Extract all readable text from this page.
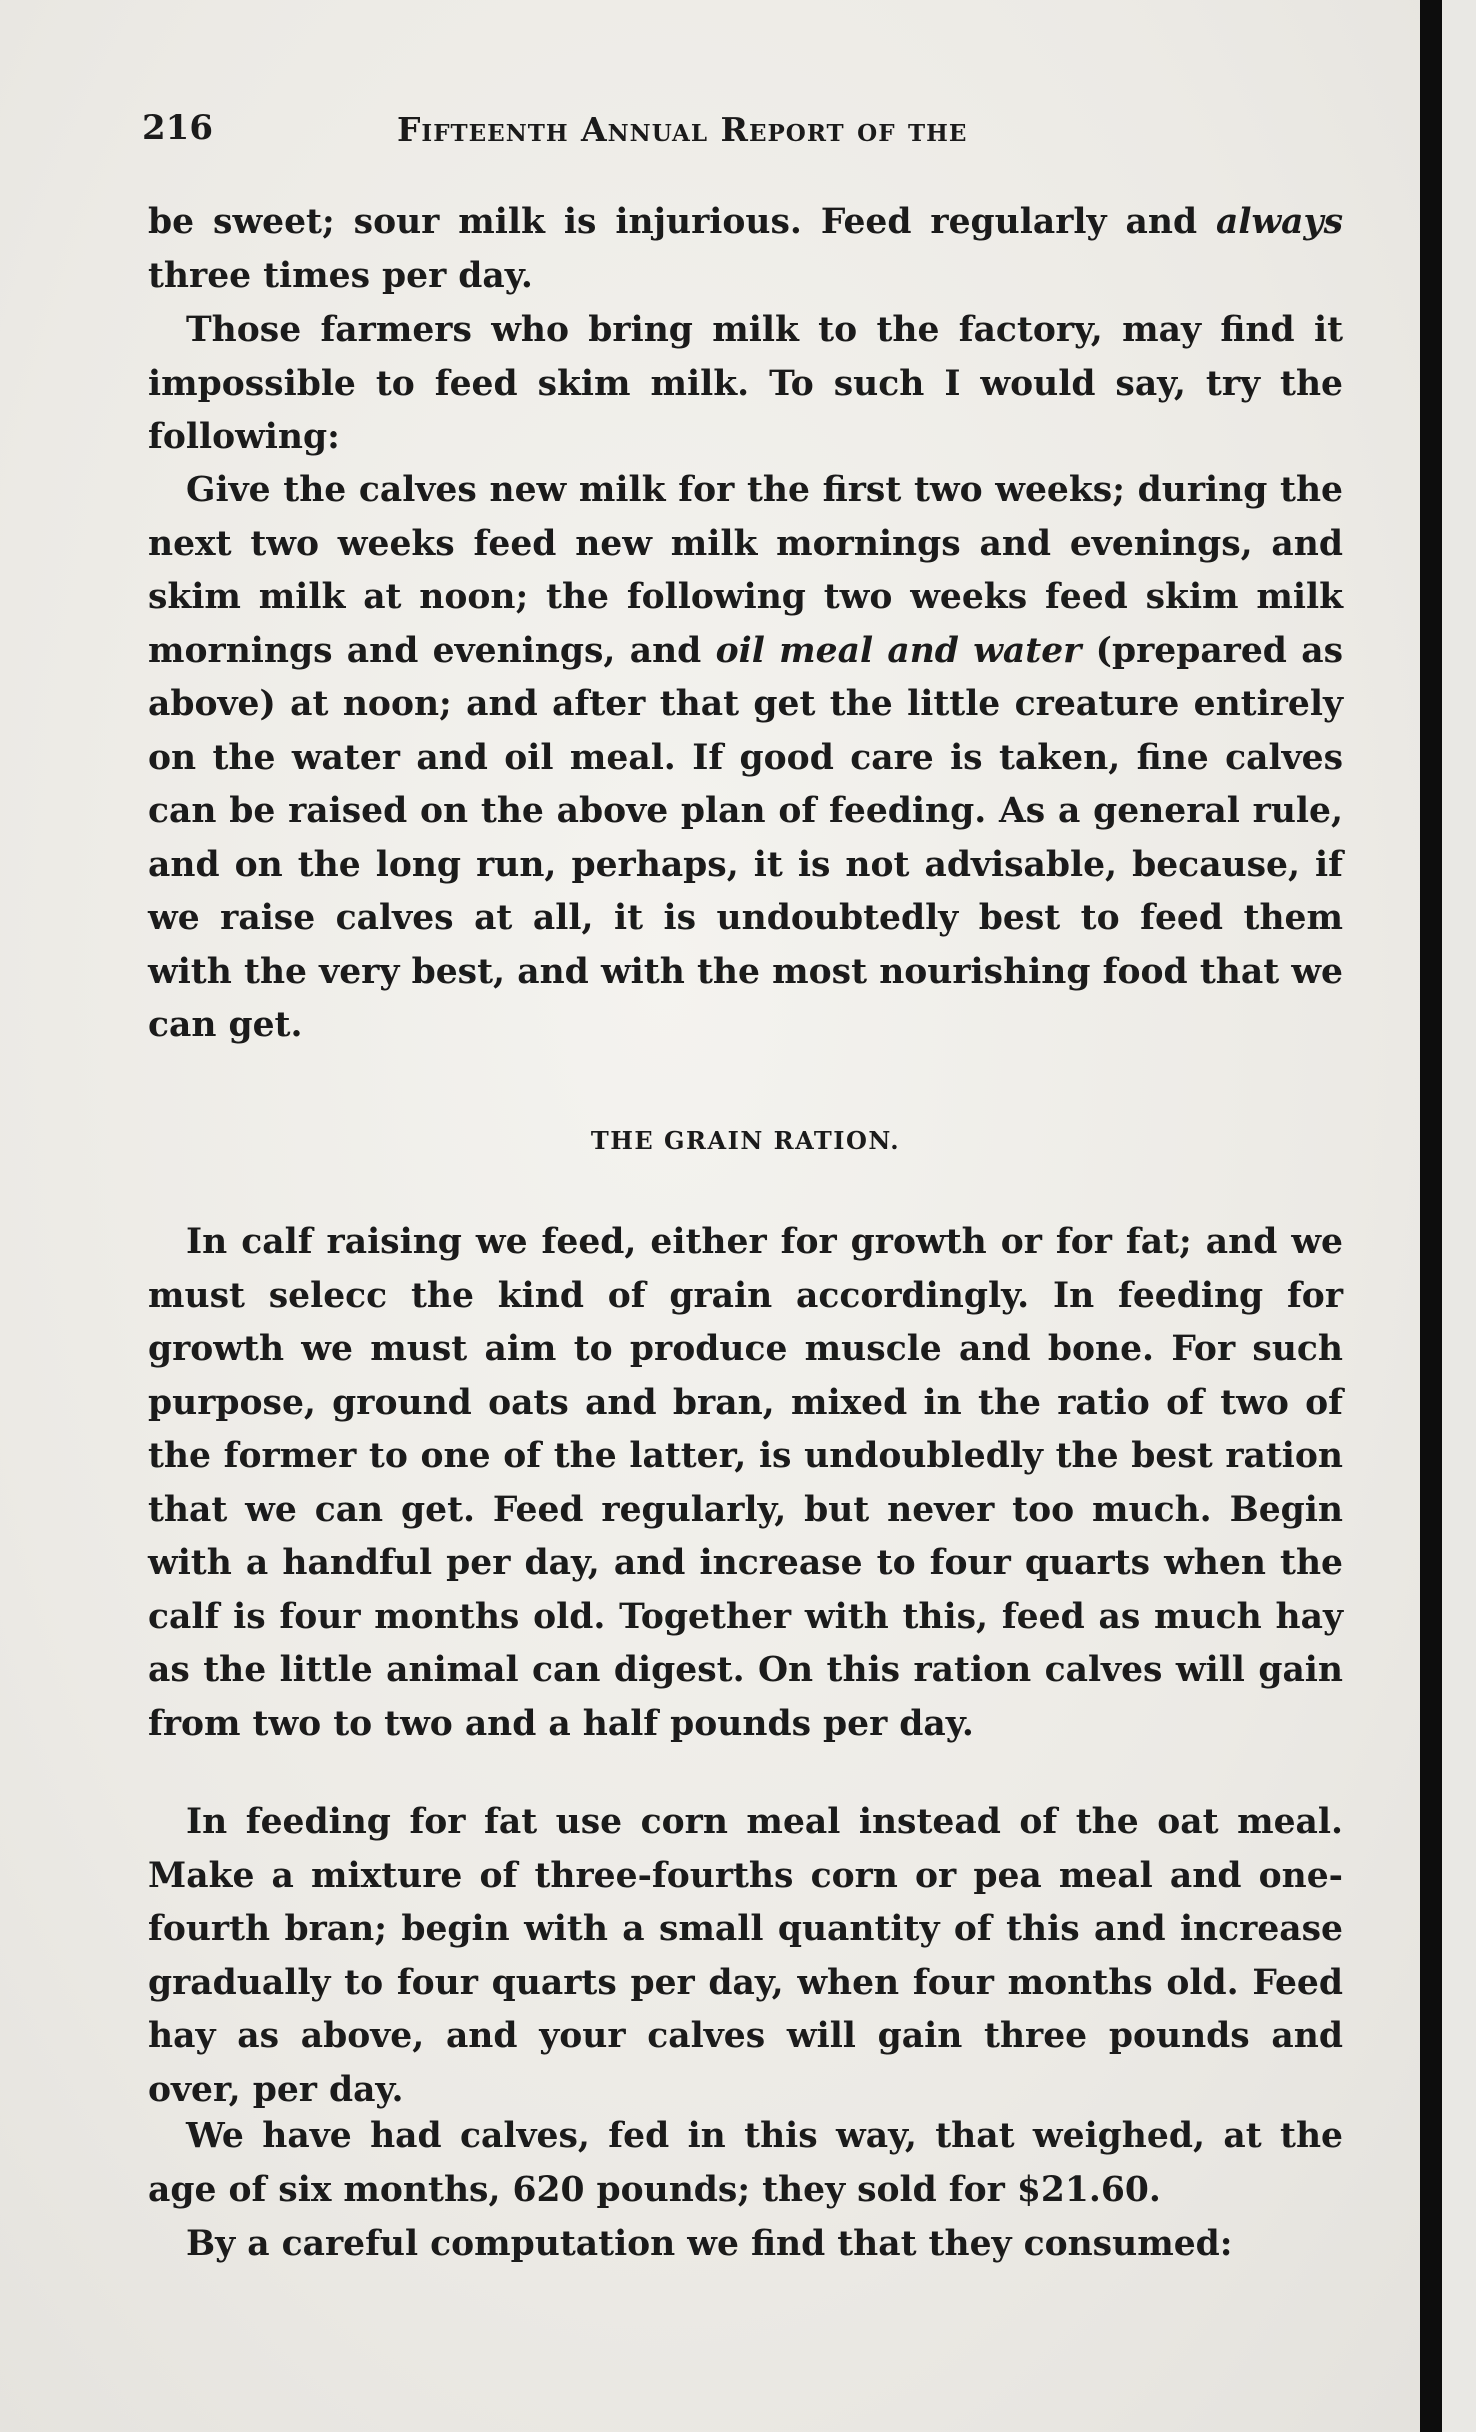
216	Fifteenth Annual Report of the

be sweet; sour milk is injurious. Feed regularly and always three times per day.

Those farmers who bring milk to the factory, may find it impossible to feed skim milk. To such I would say, try the following:

Give the calves new milk for the first two weeks; during the next two weeks feed new milk mornings and evenings, and skim milk at noon; the following two weeks feed skim milk mornings and evenings, and oil meal and water (prepared as above) at noon; and after that get the little creature entirely on the water and oil meal. If good care is taken, fine calves can be raised on the above plan of feeding. As a general rule, and on the long run, perhaps, it is not advisable, because, if we raise calves at all, it is undoubtedly best to feed them with the very best, and with the most nourishing food that we can get.

THE GRAIN RATION.

In calf raising we feed, either for growth or for fat; and we must selecc the kind of grain accordingly. In feeding for growth we must aim to produce muscle and bone. For such purpose, ground oats and bran, mixed in the ratio of two of the former to one of the latter, is undoubledly the best ration that we can get. Feed regularly, but never too much. Begin with a handful per day, and increase to four quarts when the calf is four months old. Together with this, feed as much hay as the little animal can digest. On this ration calves will gain from two to two and a half pounds per day.

In feeding for fat use corn meal instead of the oat meal. Make a mixture of three-fourths corn or pea meal and one-fourth bran; begin with a small quantity of this and increase gradually to four quarts per day, when four months old. Feed hay as above, and your calves will gain three pounds and over, per day.

We have had calves, fed in this way, that weighed, at the age of six months, 620 pounds; they sold for $21.60.

By a careful computation we find that they consumed:
